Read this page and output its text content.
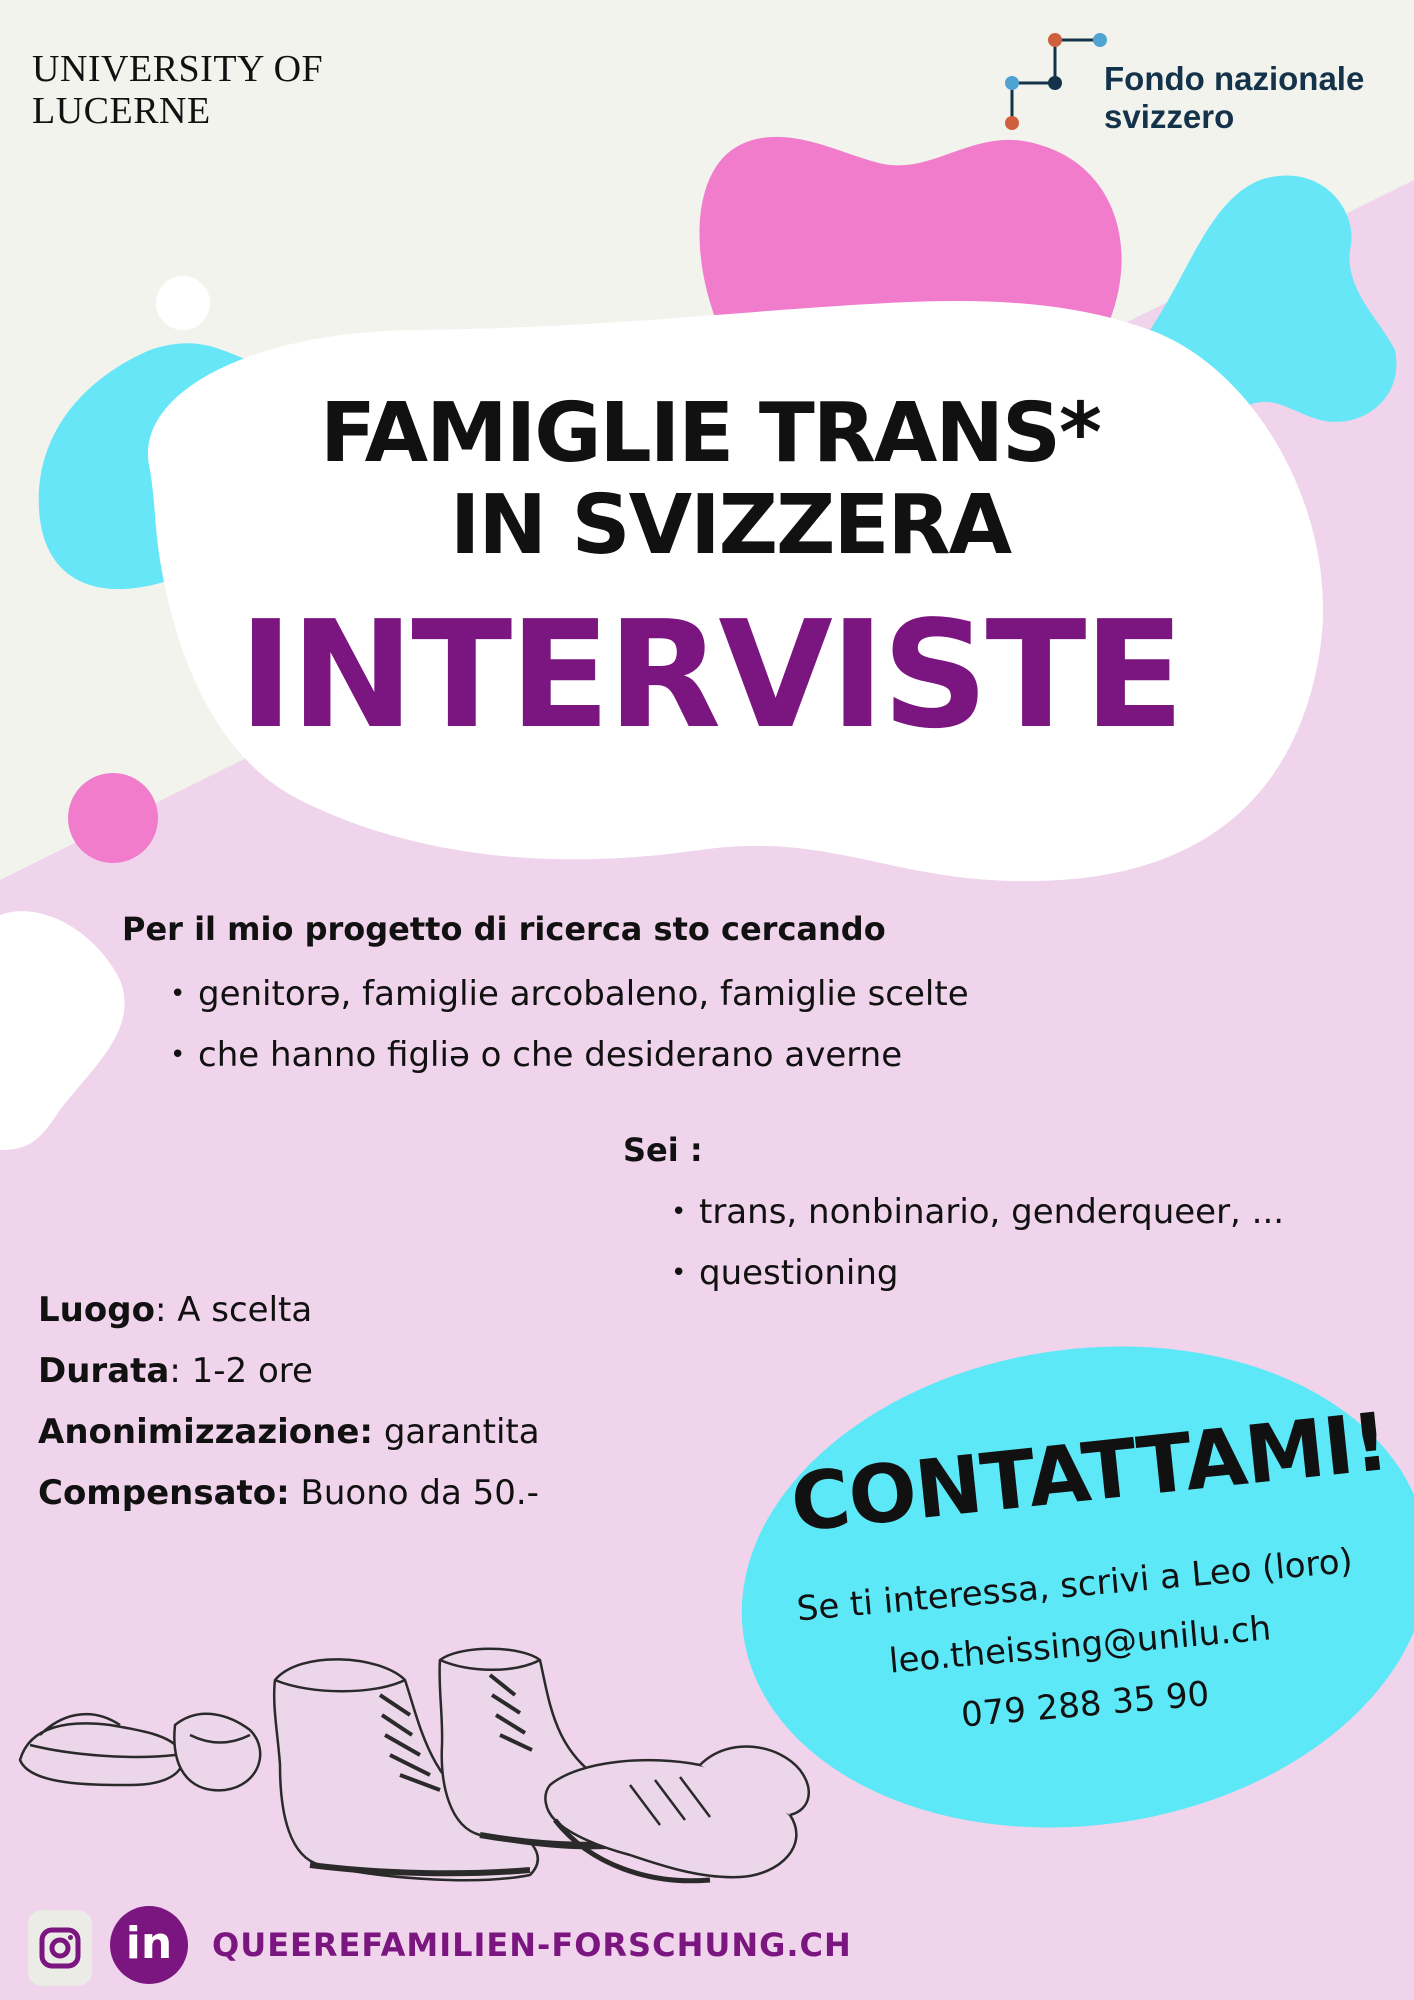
UNIVERSITY OF
LUCERNE
Fondo nazionale
svizzero
FAMIGLIE TRANS*
IN SVIZZERA
INTERVISTE
Per il mio progetto di ricerca sto cercando
• genitorə, famiglie arcobaleno, famiglie scelte
• che hanno figliə o che desiderano averne
Sei :
• trans, nonbinario, genderqueer, ...
• questioning
Luogo: A scelta
Durata: 1-2 ore
Anonimizzazione: garantita
Compensato: Buono da 50.-	CONTATTAMI!
Se ti interessa, scrivi a Leo (loro)
leo.theissing@unilu.ch
079 288 35 90
in	QUEEREFAMILIEN-FORSCHUNG.CH
